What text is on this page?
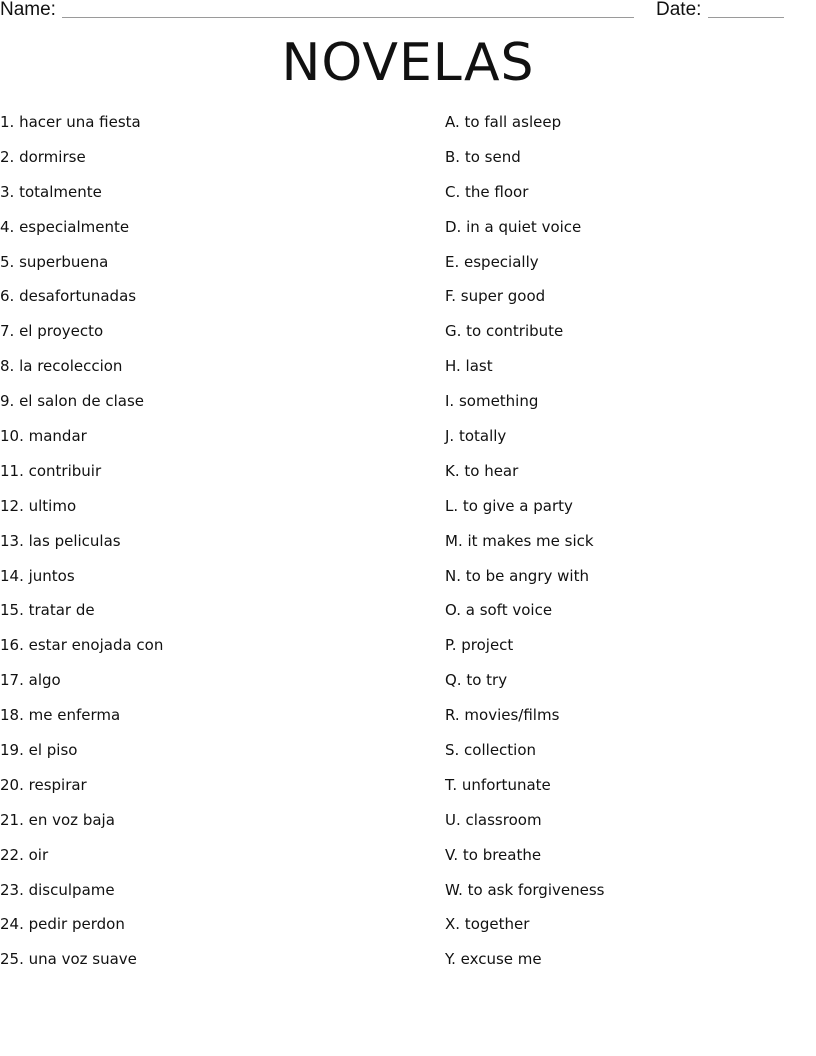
Name:	Date:
NOVELAS
1. hacer una fiesta
2. dormirse
3. totalmente
4. especialmente
5. superbuena
6. desafortunadas
7. el proyecto
8. la recoleccion
9. el salon de clase
10. mandar
11. contribuir
12. ultimo
13. las peliculas
14. juntos
15. tratar de
16. estar enojada con
17. algo
18. me enferma
19. el piso
20. respirar
21. en voz baja
22. oir
23. disculpame
24. pedir perdon
25. una voz suave
A. to fall asleep
B. to send
C. the floor
D. in a quiet voice
E. especially
F. super good
G. to contribute
H. last
I. something
J. totally
K. to hear
L. to give a party
M. it makes me sick
N. to be angry with
O. a soft voice
P. project
Q. to try
R. movies/films
S. collection
T. unfortunate
U. classroom
V. to breathe
W. to ask forgiveness
X. together
Y. excuse me
